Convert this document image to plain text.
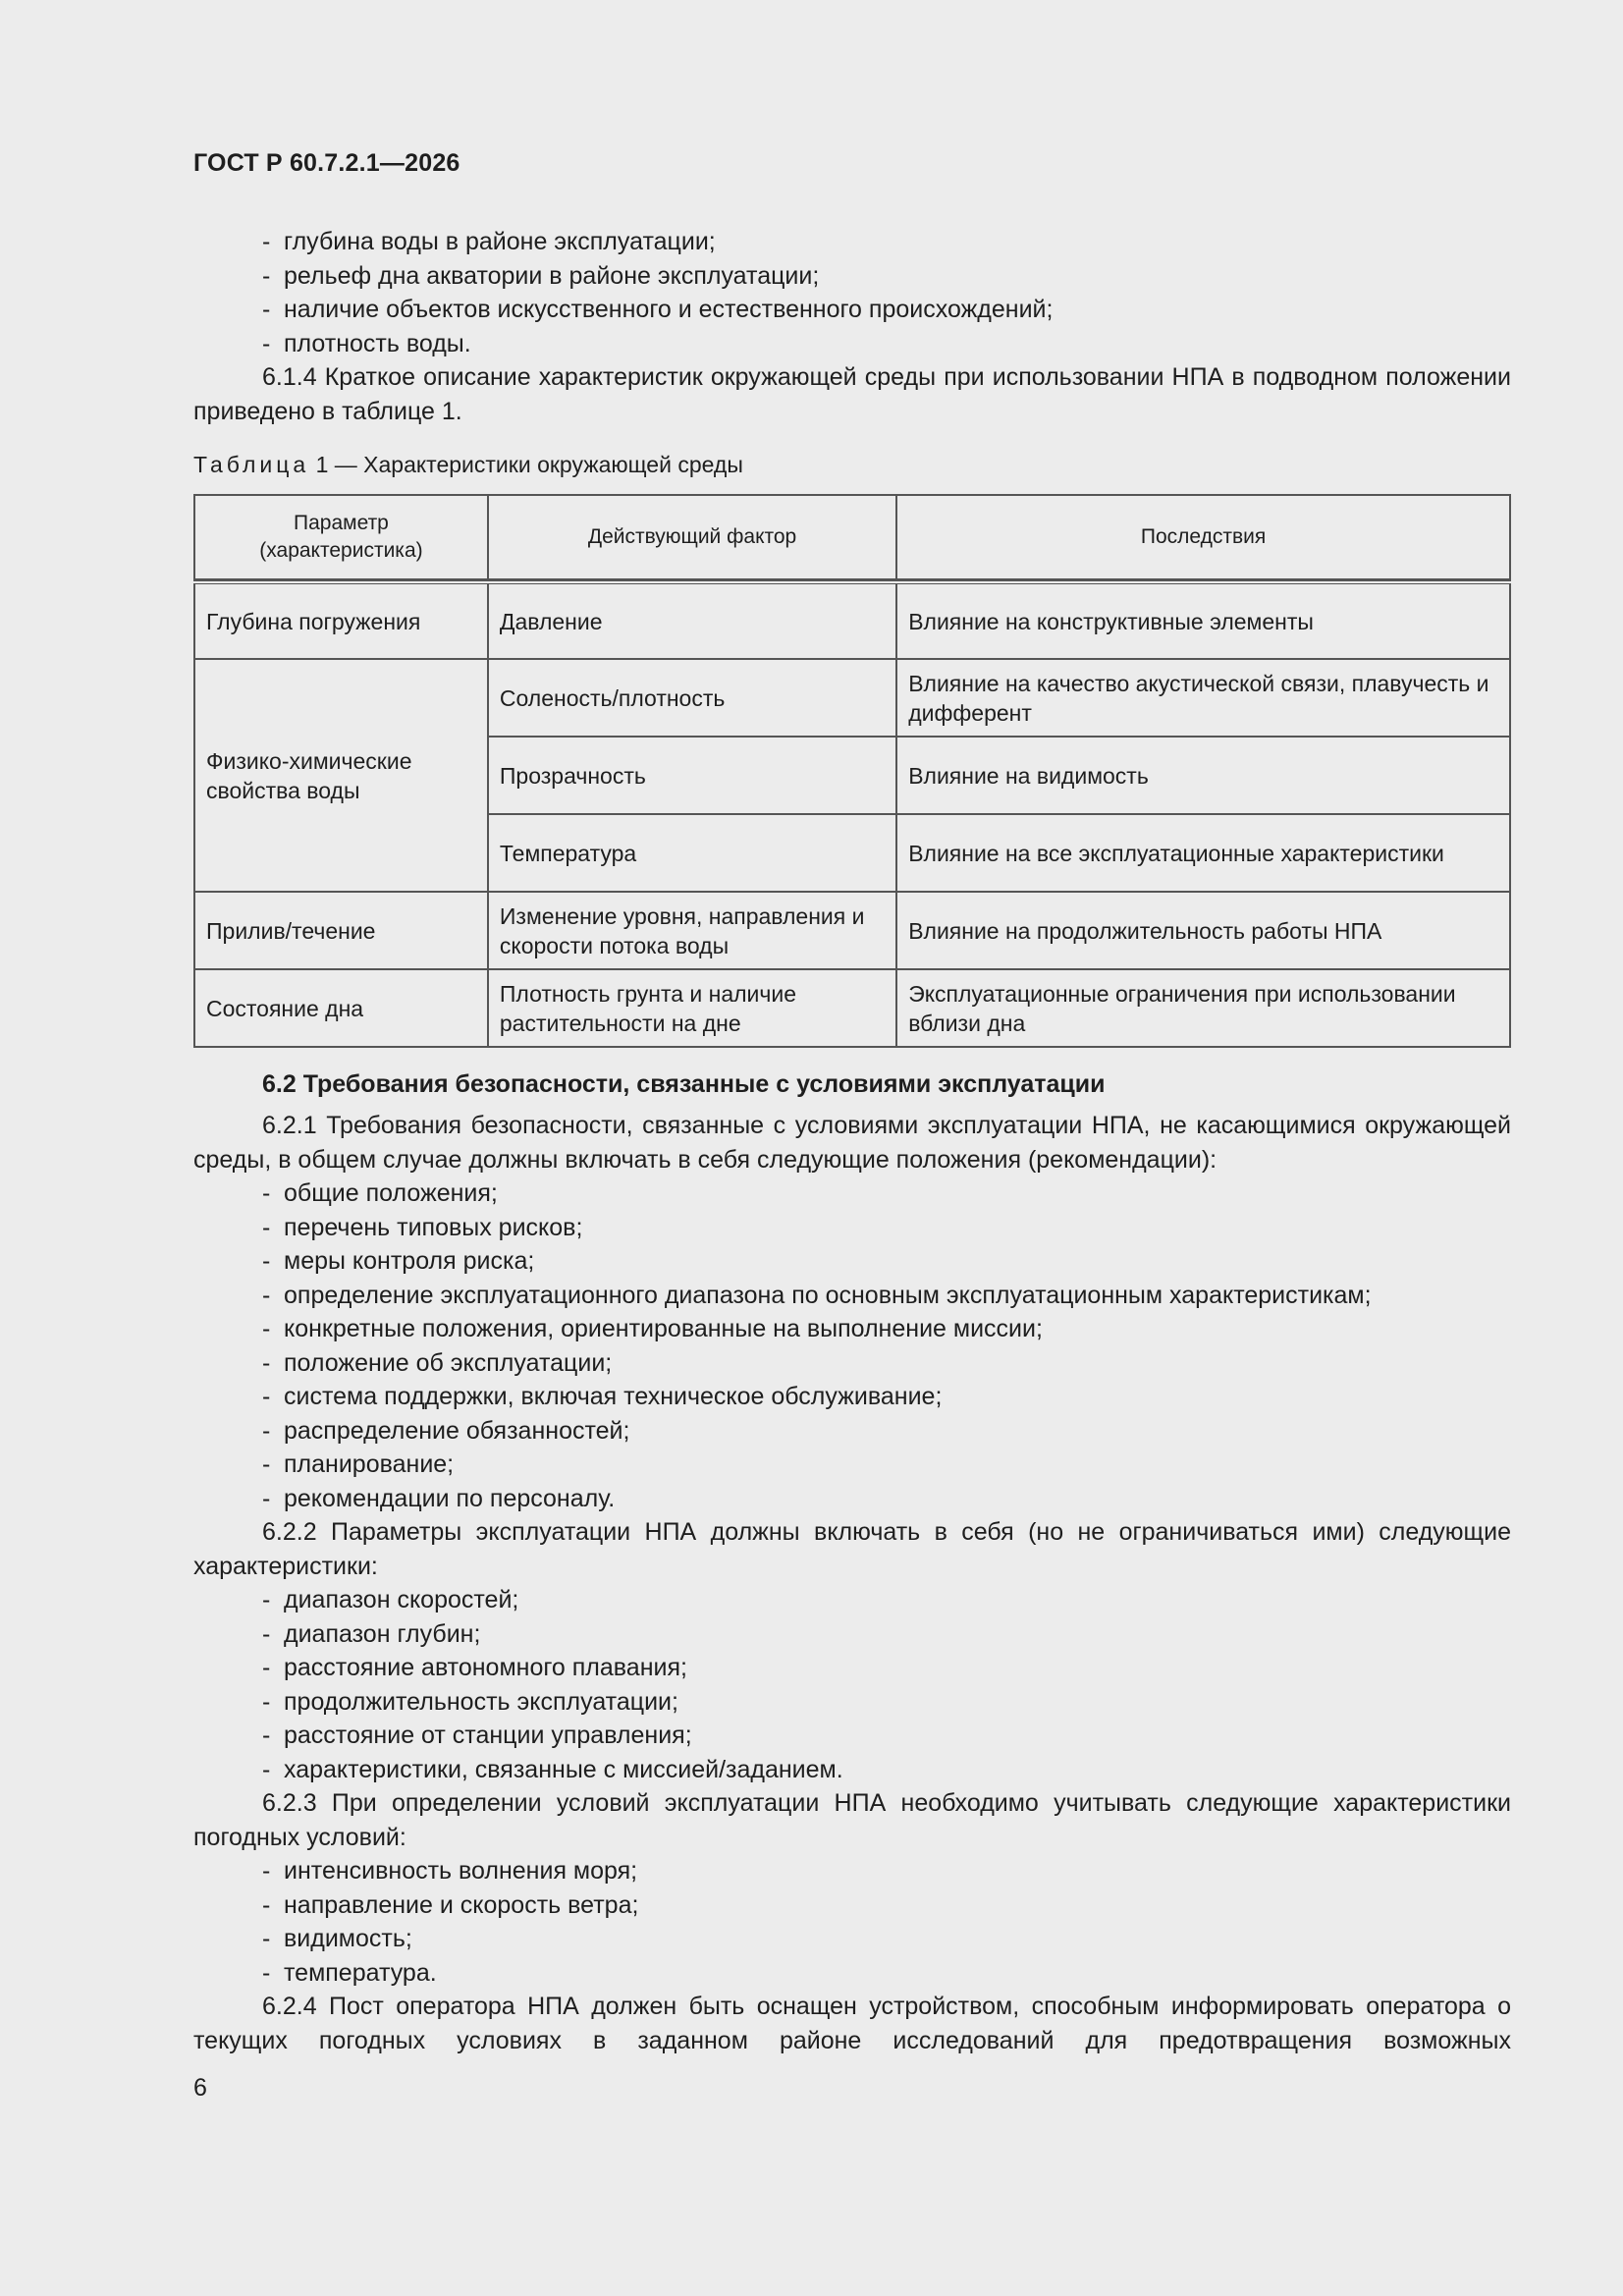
ГОСТ Р 60.7.2.1—2026

- глубина воды в районе эксплуатации;

- рельеф дна акватории в районе эксплуатации;

- наличие объектов искусственного и естественного происхождений;

- плотность воды.

6.1.4 Краткое описание характеристик окружающей среды при использовании НПА в подводном положении приведено в таблице 1.

Таблица 1 — Характеристики окружающей среды
Параметр (характеристика)	Действующий фактор	Последствия

Глубина погружения	Давление	Влияние на конструктивные элементы
Физико-химические свойства воды	Соленость/плотность	Влияние на качество акустической связи, плавучесть и дифферент
	Прозрачность	Влияние на видимость
	Температура	Влияние на все эксплуатационные характеристики
Прилив/течение	Изменение уровня, направления и скорости потока воды	Влияние на продолжительность работы НПА
Состояние дна	Плотность грунта и наличие растительности на дне	Эксплуатационные ограничения при использовании вблизи дна

6.2 Требования безопасности, связанные с условиями эксплуатации

6.2.1 Требования безопасности, связанные с условиями эксплуатации НПА, не касающимися окружающей среды, в общем случае должны включать в себя следующие положения (рекомендации):

- общие положения;

- перечень типовых рисков;

- меры контроля риска;

- определение эксплуатационного диапазона по основным эксплуатационным характеристикам;

- конкретные положения, ориентированные на выполнение миссии;

- положение об эксплуатации;

- система поддержки, включая техническое обслуживание;

- распределение обязанностей;

- планирование;

- рекомендации по персоналу.

6.2.2 Параметры эксплуатации НПА должны включать в себя (но не ограничиваться ими) следующие характеристики:

- диапазон скоростей;

- диапазон глубин;

- расстояние автономного плавания;

- продолжительность эксплуатации;

- расстояние от станции управления;

- характеристики, связанные с миссией/заданием.

6.2.3 При определении условий эксплуатации НПА необходимо учитывать следующие характеристики погодных условий:

- интенсивность волнения моря;

- направление и скорость ветра;

- видимость;

- температура.

6.2.4 Пост оператора НПА должен быть оснащен устройством, способным информировать оператора о текущих погодных условиях в заданном районе исследований для предотвращения возможных

6
